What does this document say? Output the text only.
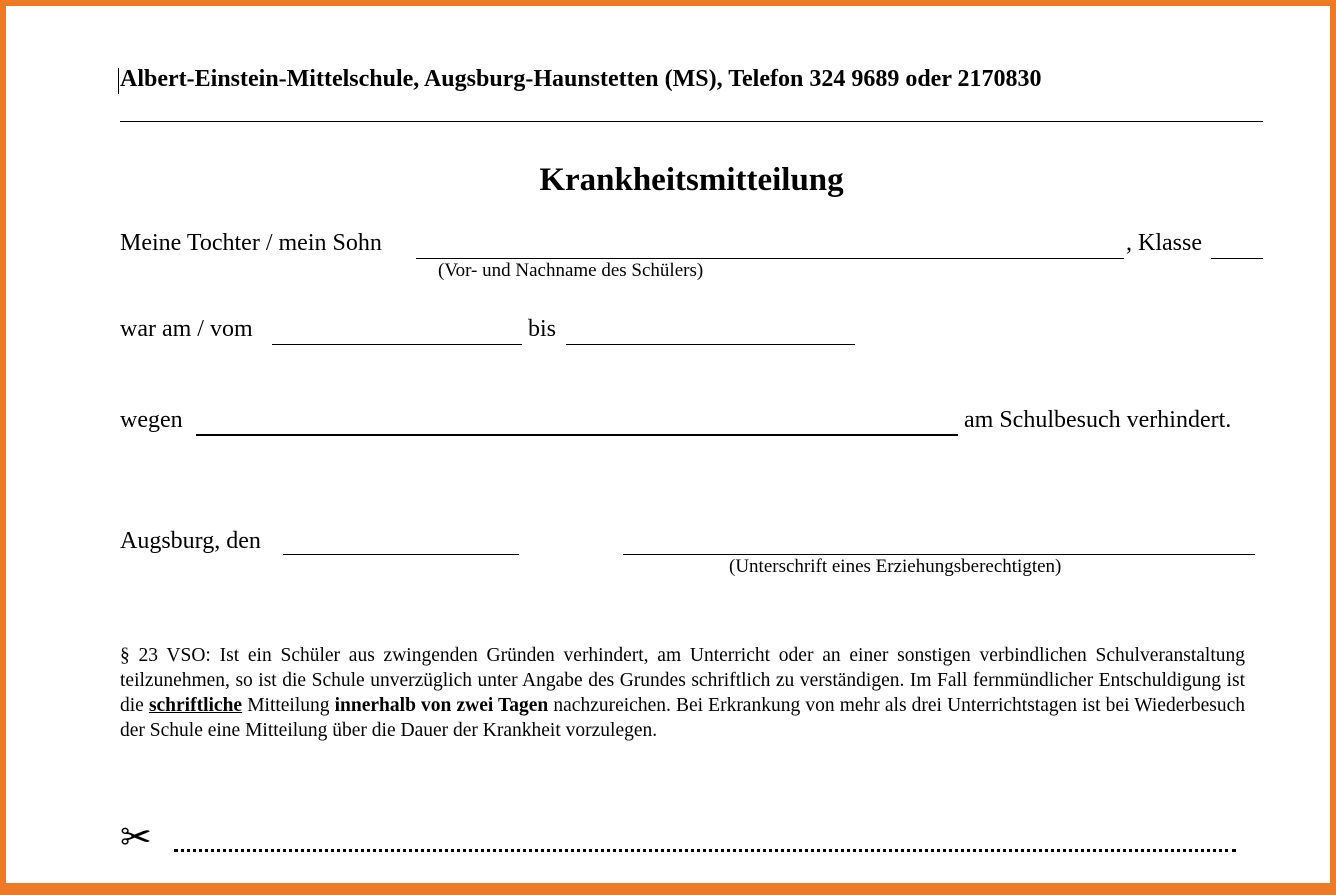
Albert-Einstein-Mittelschule, Augsburg-Haunstetten (MS), Telefon 324 9689 oder 2170830
Krankheitsmitteilung
Meine Tochter / mein Sohn	, Klasse
(Vor- und Nachname des Schülers)
war am / vom	bis
wegen	am Schulbesuch verhindert.
Augsburg, den
(Unterschrift eines Erziehungsberechtigten)
§ 23 VSO: Ist ein Schüler aus zwingenden Gründen verhindert, am Unterricht oder an einer sonstigen verbindlichen Schulveranstaltung teilzunehmen, so ist die Schule unverzüglich unter Angabe des Grundes schriftlich zu verständigen. Im Fall fernmündlicher Entschuldigung ist die schriftliche Mitteilung innerhalb von zwei Tagen nachzureichen. Bei Erkrankung von mehr als drei Unterrichtstagen ist bei Wiederbesuch der Schule eine Mitteilung über die Dauer der Krankheit vorzulegen.
✂
